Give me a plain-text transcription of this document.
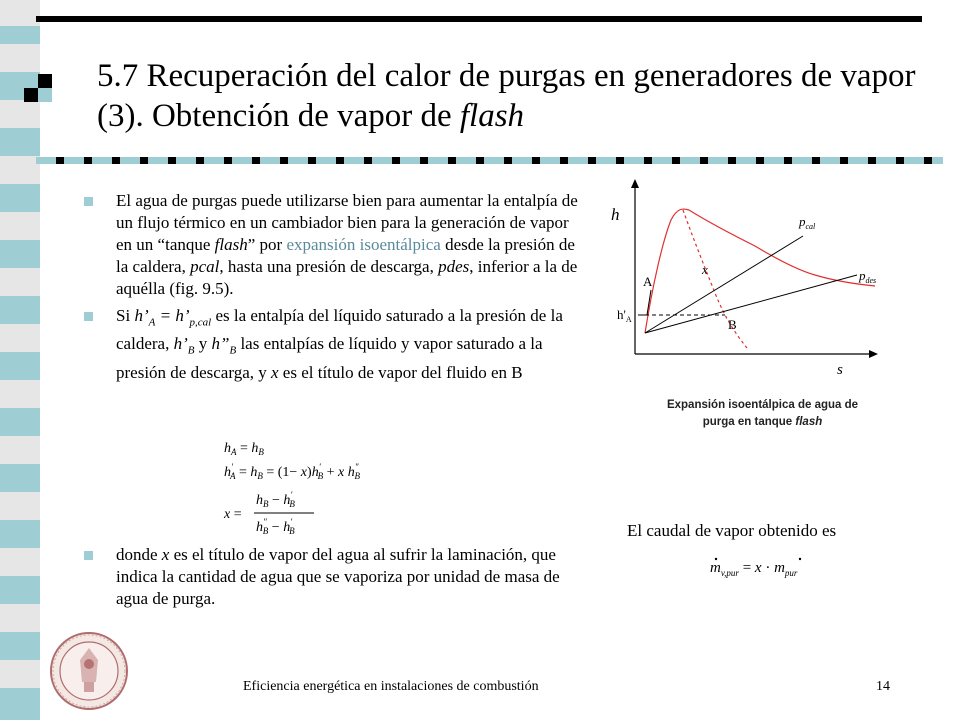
5.7 Recuperación del calor de purgas en generadores de vapor (3). Obtención de vapor de flash
El agua de purgas puede utilizarse bien para aumentar la entalpía de un flujo térmico en un cambiador bien para la generación de vapor en un “tanque flash” por expansión isoentálpica desde la presión de la caldera, pcal, hasta una presión de descarga, pdes, inferior a la de aquélla (fig. 9.5).
Si $h’_A$ = $h’_{p,cal}$ es la entalpía del líquido saturado a la presión de la caldera, $h’_B$ y $h”_B$ las entalpías de líquido y vapor saturado a la presión de descarga, y x es el título de vapor del fluido en B
$h_A = h_B$
h' $A = h_B = (1- x)h'$ B + x h" B
x =
$h_B - h'$ B
h" B − h' B
donde x es el título de vapor del agua al sufrir la laminación, que indica la cantidad de agua que se vaporiza por unidad de masa de agua de purga.
h
s
$p_{cal}$
$p_{des}$
x
A
$h'_A$	B
Expansión isoentálpica de agua de
purga en tanque flash
El caudal de vapor obtenido es
$m_{v,pur} = x \cdot m_{pur}$
Eficiencia energética en instalaciones de combustión	14
